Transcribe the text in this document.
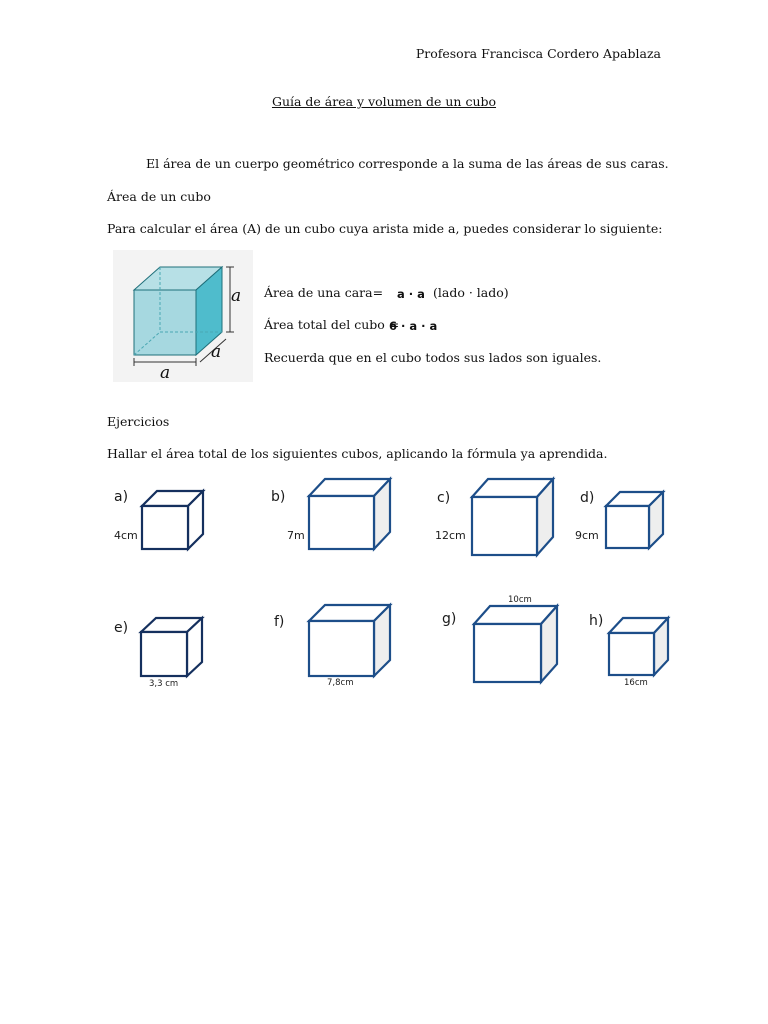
Profesora Francisca Cordero Apablaza
Guía de área y volumen de un cubo
El área de un cuerpo geométrico corresponde a la suma de las áreas de sus caras.
Área de un cubo
Para calcular el área (A) de un cubo cuya arista mide a, puedes considerar lo siguiente:
a
a
a
Área de una cara= a · a (lado · lado)
Área total del cubo =
6 · a · a
Recuerda que en el cubo todos sus lados son iguales.
Ejercicios
Hallar el área total de los siguientes cubos, aplicando la fórmula ya aprendida.
a)	b)	c)	d)
e)	f)	g)	h)
4cm	7m	12cm	9cm
3,3 cm	7,8cm
10cm
16cm
